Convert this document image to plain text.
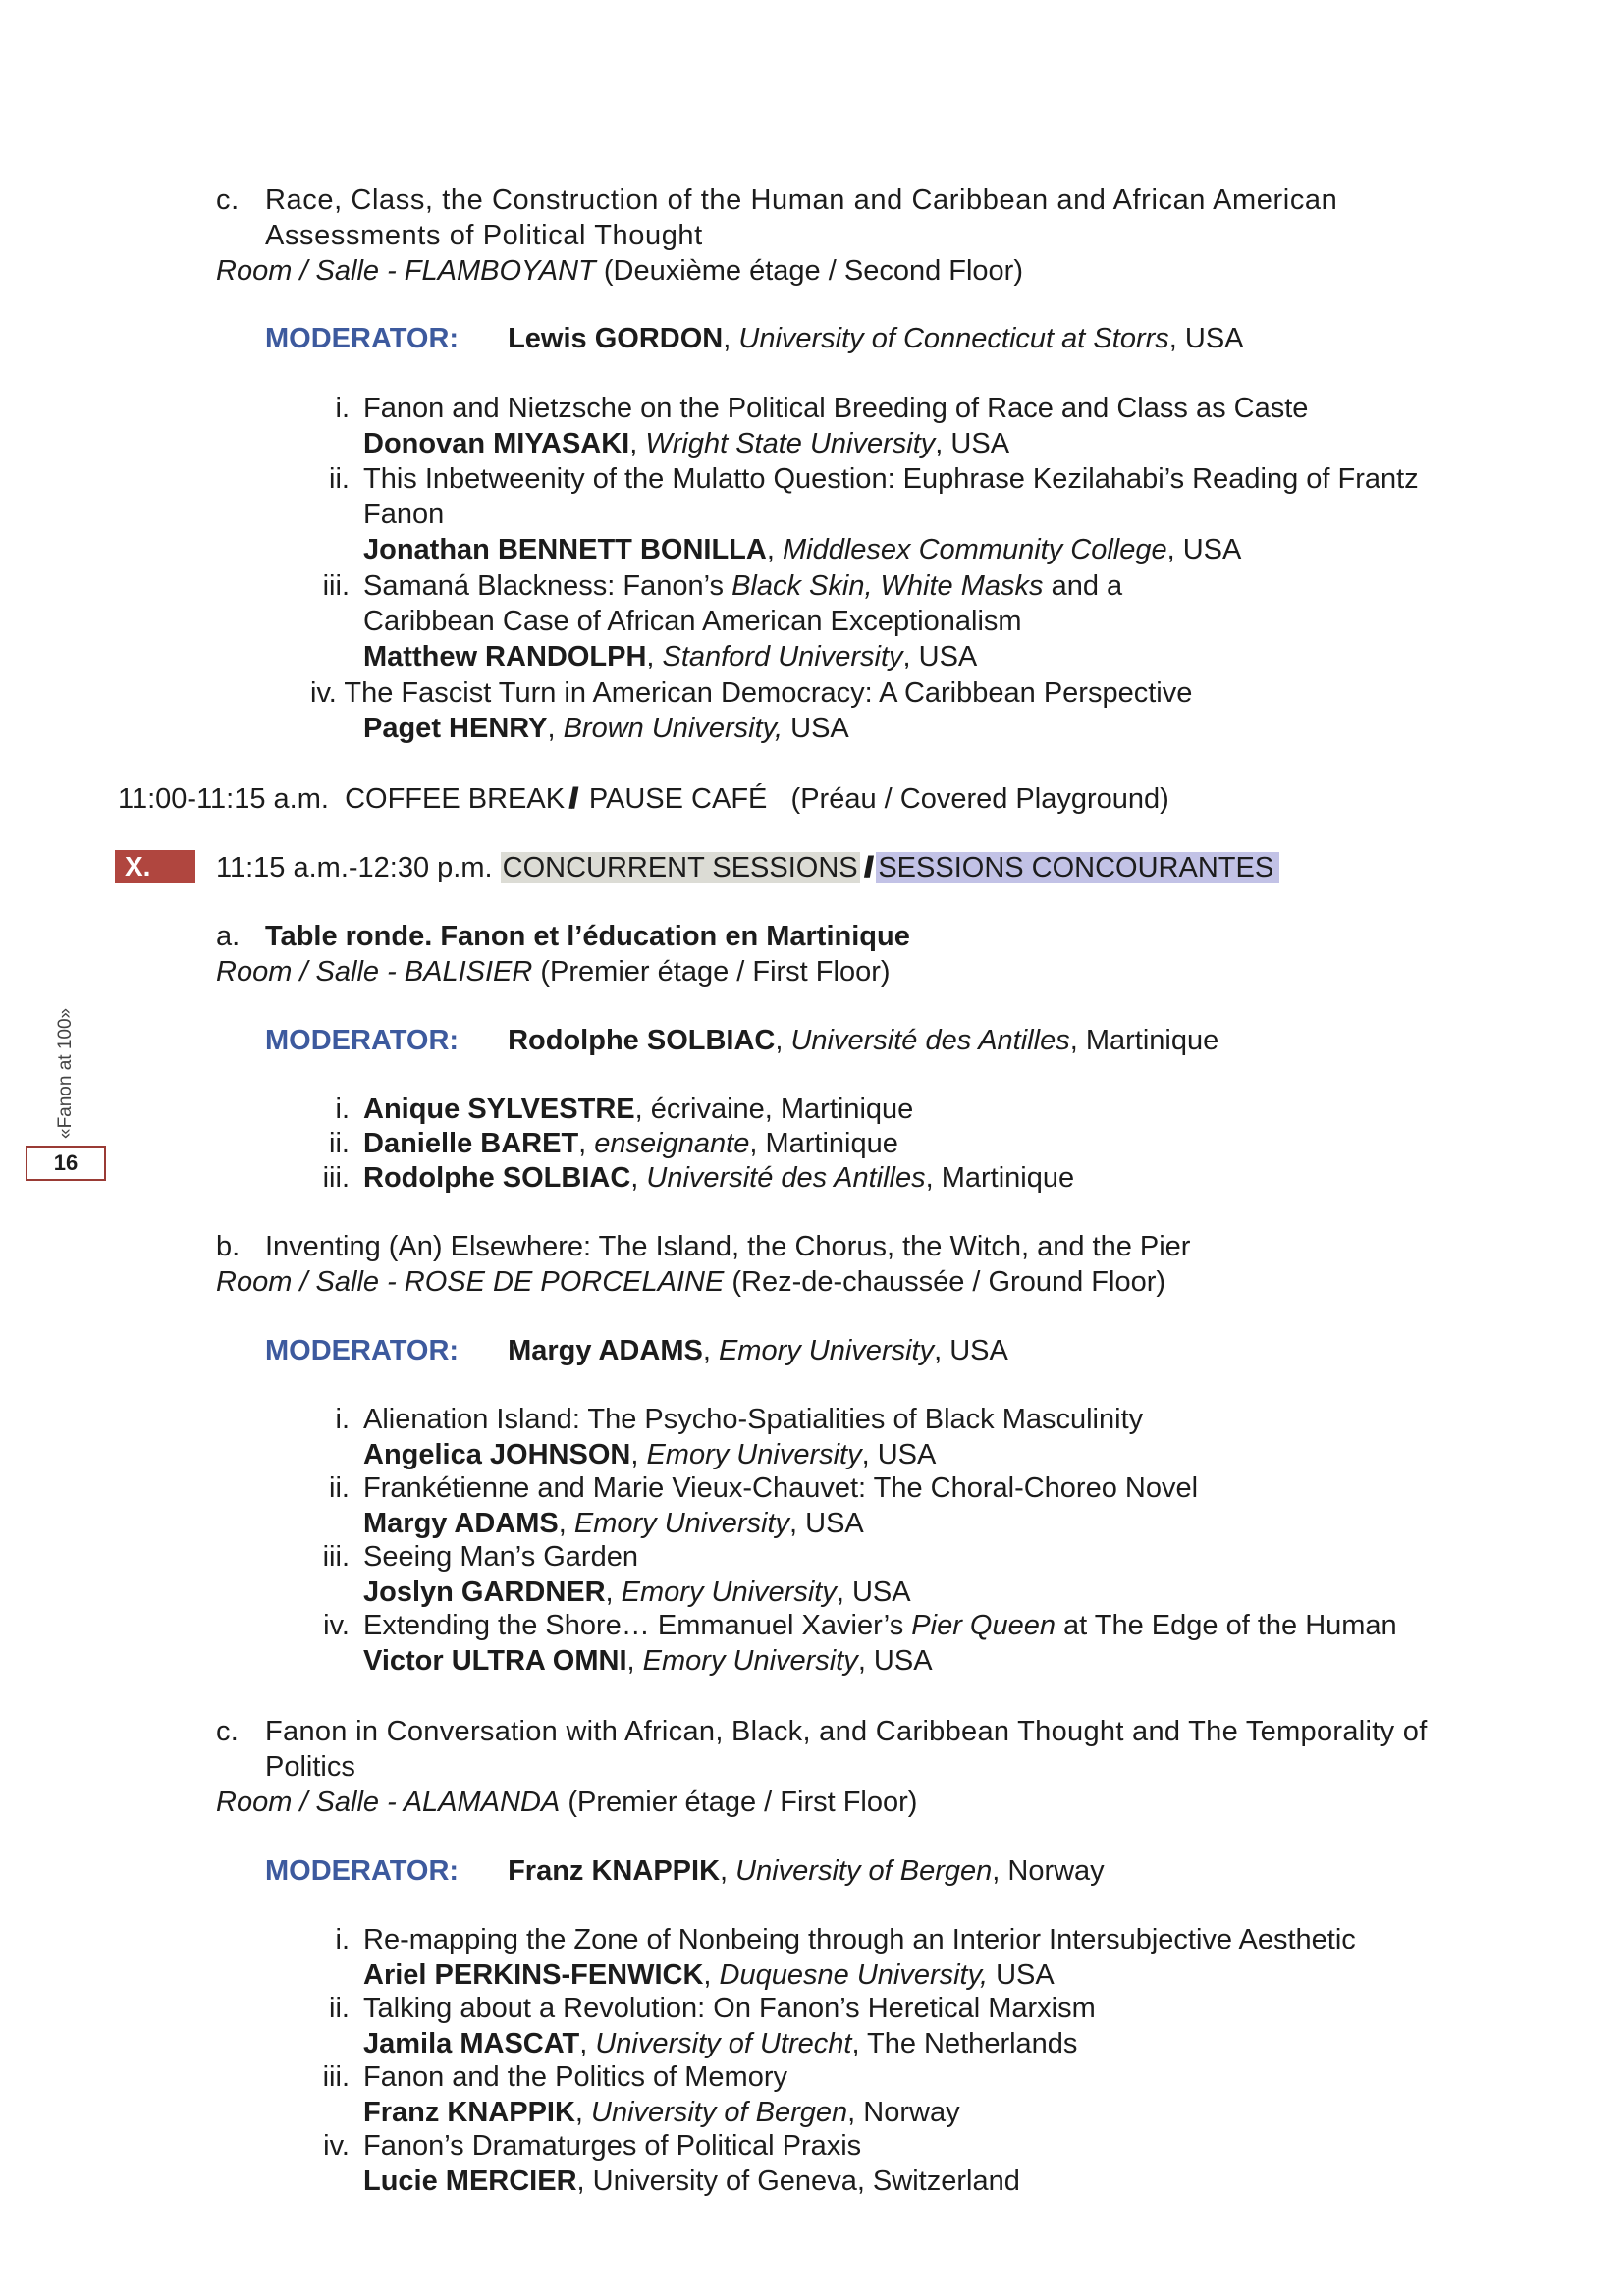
«Fanon at 100»
16
c. Race, Class, the Construction of the Human and Caribbean and African American
Assessments of Political Thought
Room / Salle - FLAMBOYANT (Deuxième étage / Second Floor)
MODERATOR: Lewis GORDON, University of Connecticut at Storrs, USA
i. Fanon and Nietzsche on the Political Breeding of Race and Class as Caste
Donovan MIYASAKI, Wright State University, USA
ii. This Inbetweenity of the Mulatto Question: Euphrase Kezilahabi’s Reading of Frantz
Fanon
Jonathan BENNETT BONILLA, Middlesex Community College, USA
iii. Samaná Blackness: Fanon’s Black Skin, White Masks and a
Caribbean Case of African American Exceptionalism
Matthew RANDOLPH, Stanford University, USA
iv. The Fascist Turn in American Democracy: A Caribbean Perspective
Paget HENRY, Brown University, USA
11:00-11:15 a.m. COFFEE BREAK // PAUSE CAFÉ (Préau / Covered Playground)
X.	11:15 a.m.-12:30 p.m. CONCURRENT SESSIONS // SESSIONS CONCOURANTES
a. Table ronde. Fanon et l’éducation en Martinique
Room / Salle - BALISIER (Premier étage / First Floor)
MODERATOR: Rodolphe SOLBIAC, Université des Antilles, Martinique
i. Anique SYLVESTRE, écrivaine, Martinique
ii. Danielle BARET, enseignante, Martinique
iii. Rodolphe SOLBIAC, Université des Antilles, Martinique
b. Inventing (An) Elsewhere: The Island, the Chorus, the Witch, and the Pier
Room / Salle - ROSE DE PORCELAINE (Rez-de-chaussée / Ground Floor)
MODERATOR: Margy ADAMS, Emory University, USA
i. Alienation Island: The Psycho-Spatialities of Black Masculinity
Angelica JOHNSON, Emory University, USA
ii. Frankétienne and Marie Vieux-Chauvet: The Choral-Choreo Novel
Margy ADAMS, Emory University, USA
iii. Seeing Man’s Garden
Joslyn GARDNER, Emory University, USA
iv. Extending the Shore… Emmanuel Xavier’s Pier Queen at The Edge of the Human
Victor ULTRA OMNI, Emory University, USA
c. Fanon in Conversation with African, Black, and Caribbean Thought and The Temporality of
Politics
Room / Salle - ALAMANDA (Premier étage / First Floor)
MODERATOR: Franz KNAPPIK, University of Bergen, Norway
i. Re-mapping the Zone of Nonbeing through an Interior Intersubjective Aesthetic
Ariel PERKINS-FENWICK, Duquesne University, USA
ii. Talking about a Revolution: On Fanon’s Heretical Marxism
Jamila MASCAT, University of Utrecht, The Netherlands
iii. Fanon and the Politics of Memory
Franz KNAPPIK, University of Bergen, Norway
iv. Fanon’s Dramaturges of Political Praxis
Lucie MERCIER, University of Geneva, Switzerland
